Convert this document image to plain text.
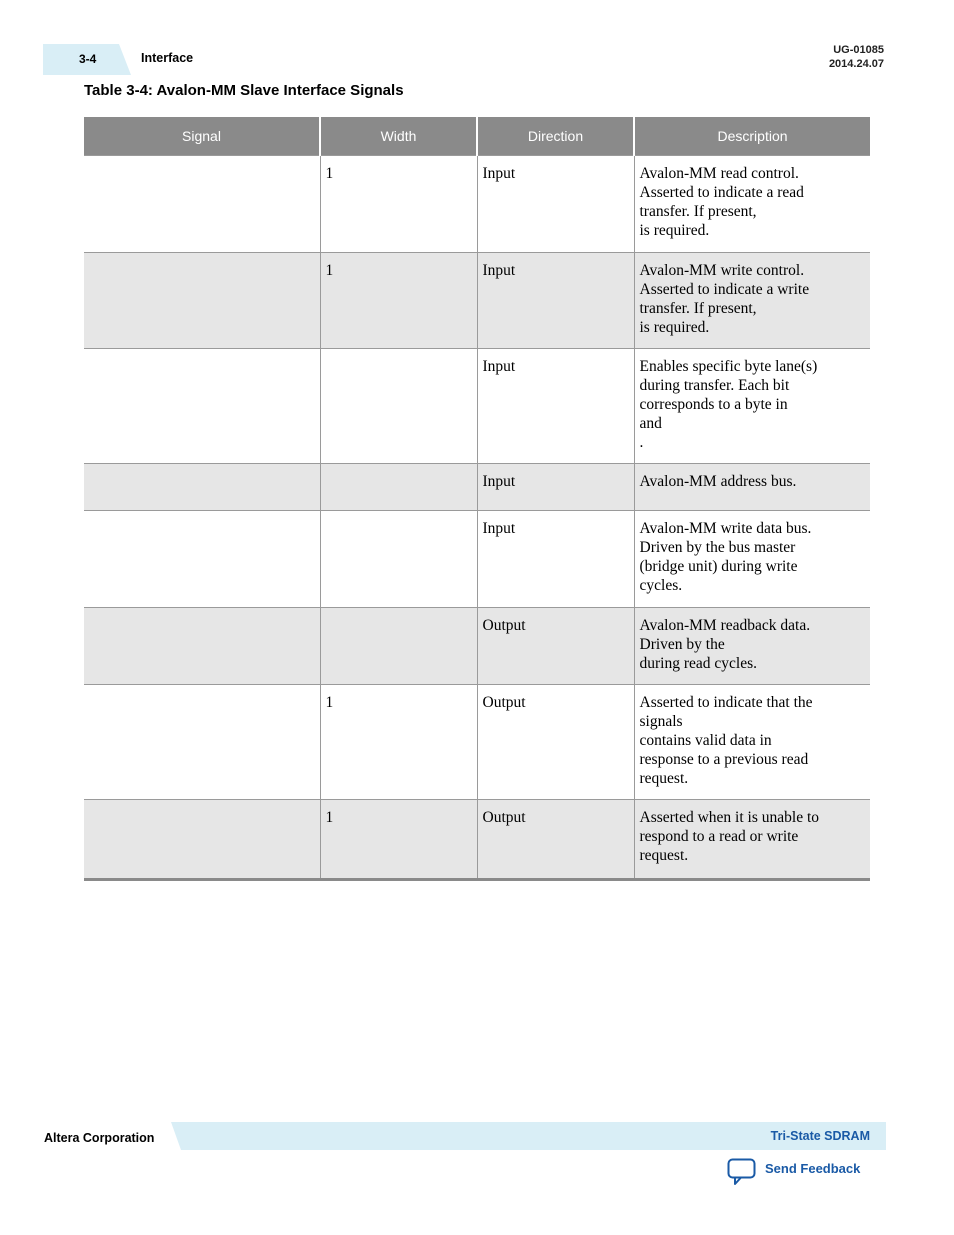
3-4	Interface
UG-01085
2014.24.07
Table 3-4: Avalon-MM Slave Interface Signals
Signal	Width	Direction	Description
	1	Input	Avalon-MM read control.
Asserted to indicate a read
transfer. If present,
is required.
	1	Input	Avalon-MM write control.
Asserted to indicate a write
transfer. If present,
is required.
		Input	Enables specific byte lane(s)
during transfer. Each bit
corresponds to a byte in
and
.
		Input	Avalon-MM address bus.
		Input	Avalon-MM write data bus.
Driven by the bus master
(bridge unit) during write
cycles.
		Output	Avalon-MM readback data.
Driven by the
during read cycles.
	1	Output	Asserted to indicate that the
signals
contains valid data in
response to a previous read
request.
	1	Output	Asserted when it is unable to
respond to a read or write
request.
Altera Corporation	Tri-State SDRAM
Send Feedback
